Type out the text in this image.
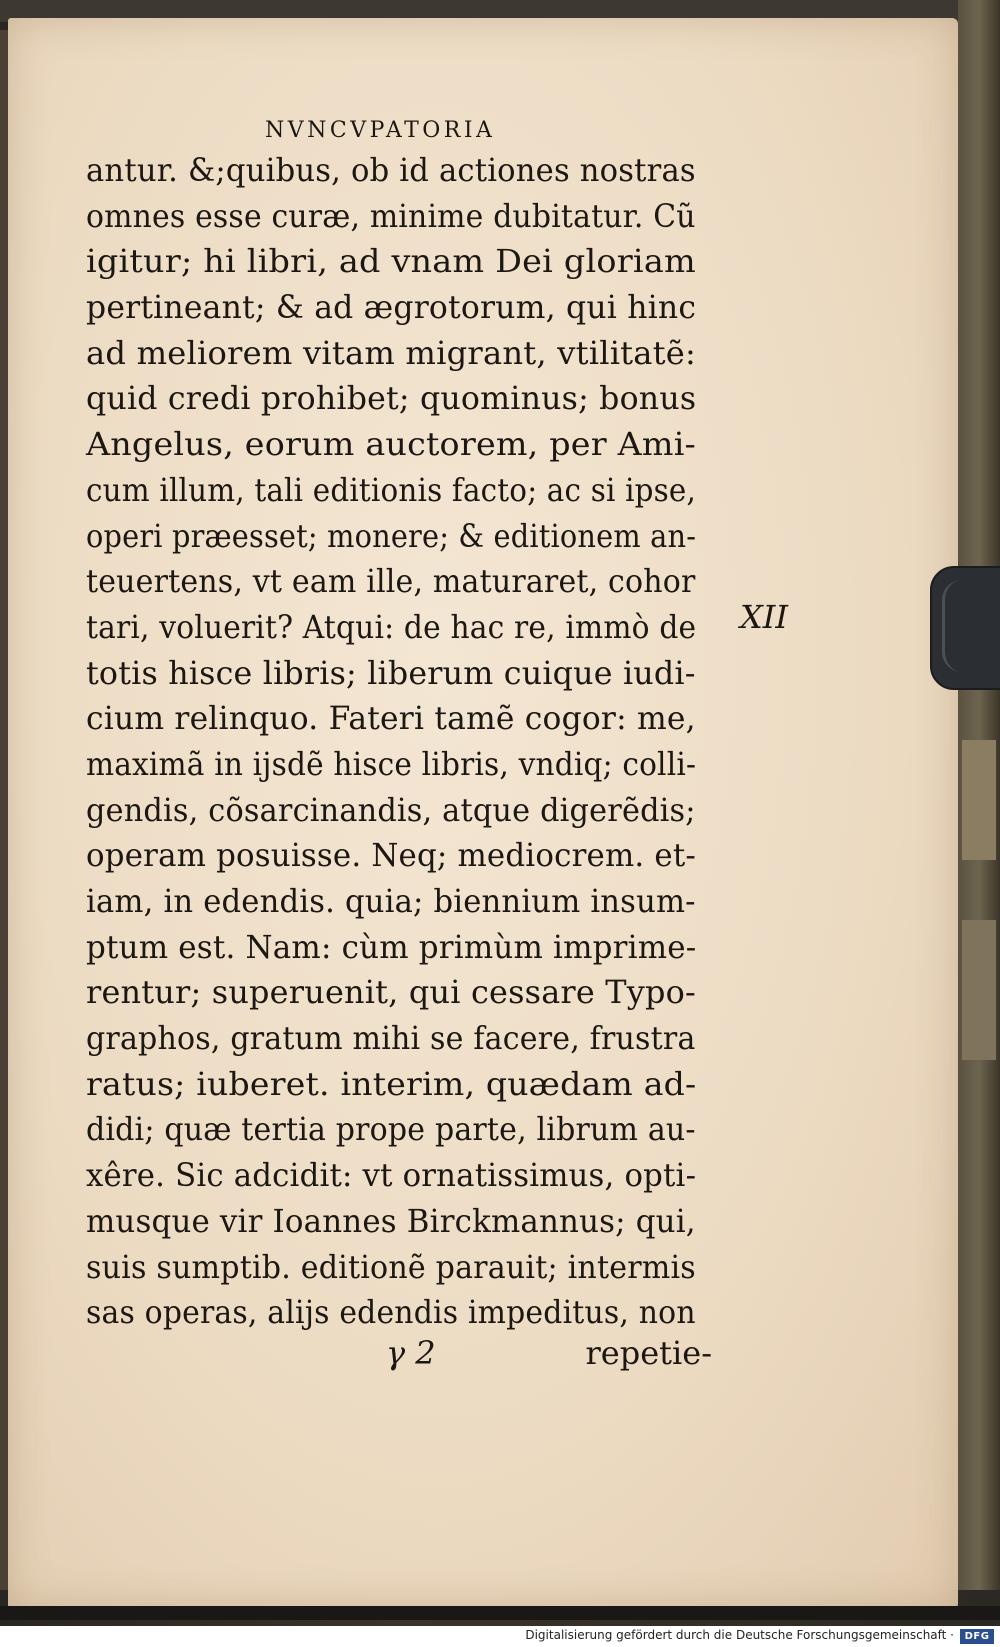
NVNCVPATORIA
antur. &;quibus, ob id actiones nostras
omnes esse curæ, minime dubitatur. Cũ
igitur; hi libri, ad vnam Dei gloriam
pertineant; & ad ægrotorum, qui hinc
ad meliorem vitam migrant, vtilitatẽ:
quid credi prohibet; quominus; bonus
Angelus, eorum auctorem, per Ami-
cum illum, tali editionis facto; ac si ipse,
operi præesset; monere; & editionem an-
teuertens, vt eam ille, maturaret, cohor
tari, voluerit? Atqui: de hac re, immò de
totis hisce libris; liberum cuique iudi-
cium relinquo. Fateri tamẽ cogor: me,
maximã in ijsdẽ hisce libris, vndiq; colli-
gendis, cõsarcinandis, atque digerẽdis;
operam posuisse. Neq; mediocrem. et-
iam, in edendis. quia; biennium insum-
ptum est. Nam: cùm primùm imprime-
rentur; superuenit, qui cessare Typo-
graphos, gratum mihi se facere, frustra
ratus; iuberet. interim, quædam ad-
didi; quæ tertia prope parte, librum au-
xêre. Sic adcidit: vt ornatissimus, opti-
musque vir Ioannes Birckmannus; qui,
suis sumptib. editionẽ parauit; intermis
sas operas, alijs edendis impeditus, non
XII
γ 2	repetie-
Digitalisierung gefördert durch die Deutsche Forschungsgemeinschaft ·	DFG
